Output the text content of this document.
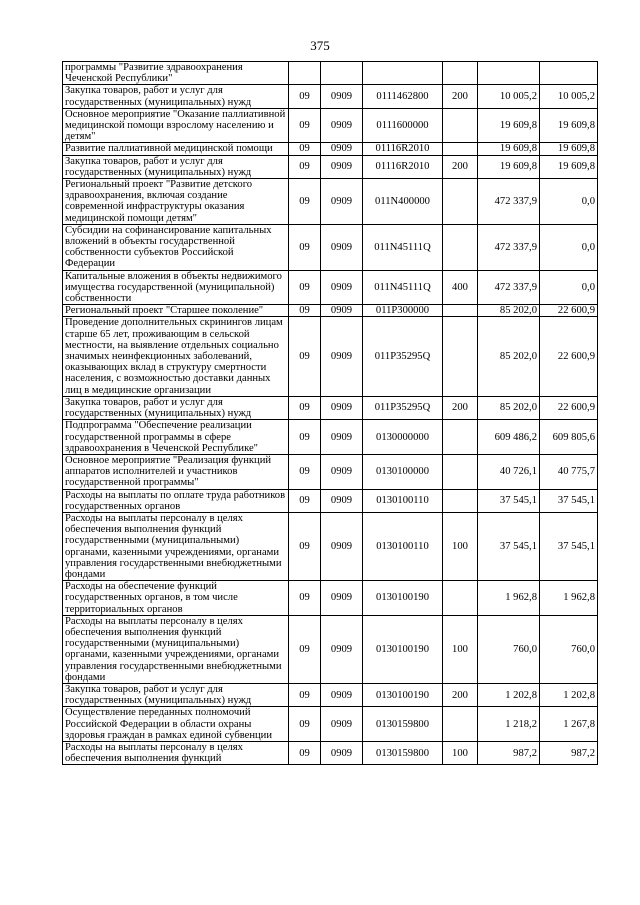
375
программы "Развитие здравоохранения Чеченской Республики"						
Закупка товаров, работ и услуг для государственных (муниципальных) нужд	09	0909	0111462800	200	10 005,2	10 005,2
Основное мероприятие "Оказание паллиативной медицинской помощи взрослому населению и детям"	09	0909	0111600000		19 609,8	19 609,8
Развитие паллиативной медицинской помощи	09	0909	01116R2010		19 609,8	19 609,8
Закупка товаров, работ и услуг для государственных (муниципальных) нужд	09	0909	01116R2010	200	19 609,8	19 609,8
Региональный проект "Развитие детского здравоохранения, включая создание современной инфраструктуры оказания медицинской помощи детям"	09	0909	011N400000		472 337,9	0,0
Субсидии на софинансирование капитальных вложений в объекты государственной собственности субъектов Российской Федерации	09	0909	011N45111Q		472 337,9	0,0
Капитальные вложения в объекты недвижимого имущества государственной (муниципальной) собственности	09	0909	011N45111Q	400	472 337,9	0,0
Региональный проект "Старшее поколение"	09	0909	011P300000		85 202,0	22 600,9
Проведение дополнительных скринингов лицам старше 65 лет, проживающим в сельской местности, на выявление отдельных социально значимых неинфекционных заболеваний, оказывающих вклад в структуру смертности населения, с возможностью доставки данных лиц в медицинские организации	09	0909	011P35295Q		85 202,0	22 600,9
Закупка товаров, работ и услуг для государственных (муниципальных) нужд	09	0909	011P35295Q	200	85 202,0	22 600,9
Подпрограмма "Обеспечение реализации государственной программы в сфере здравоохранения в Чеченской Республике"	09	0909	0130000000		609 486,2	609 805,6
Основное мероприятие "Реализация функций аппаратов исполнителей и участников государственной программы"	09	0909	0130100000		40 726,1	40 775,7
Расходы на выплаты по оплате труда работников государственных органов	09	0909	0130100110		37 545,1	37 545,1
Расходы на выплаты персоналу в целях обеспечения выполнения функций государственными (муниципальными) органами, казенными учреждениями, органами управления государственными внебюджетными фондами	09	0909	0130100110	100	37 545,1	37 545,1
Расходы на обеспечение функций государственных органов, в том числе территориальных органов	09	0909	0130100190		1 962,8	1 962,8
Расходы на выплаты персоналу в целях обеспечения выполнения функций государственными (муниципальными) органами, казенными учреждениями, органами управления государственными внебюджетными фондами	09	0909	0130100190	100	760,0	760,0
Закупка товаров, работ и услуг для государственных (муниципальных) нужд	09	0909	0130100190	200	1 202,8	1 202,8
Осуществление переданных полномочий Российской Федерации в области охраны здоровья граждан в рамках единой субвенции	09	0909	0130159800		1 218,2	1 267,8
Расходы на выплаты персоналу в целях обеспечения выполнения функций	09	0909	0130159800	100	987,2	987,2
